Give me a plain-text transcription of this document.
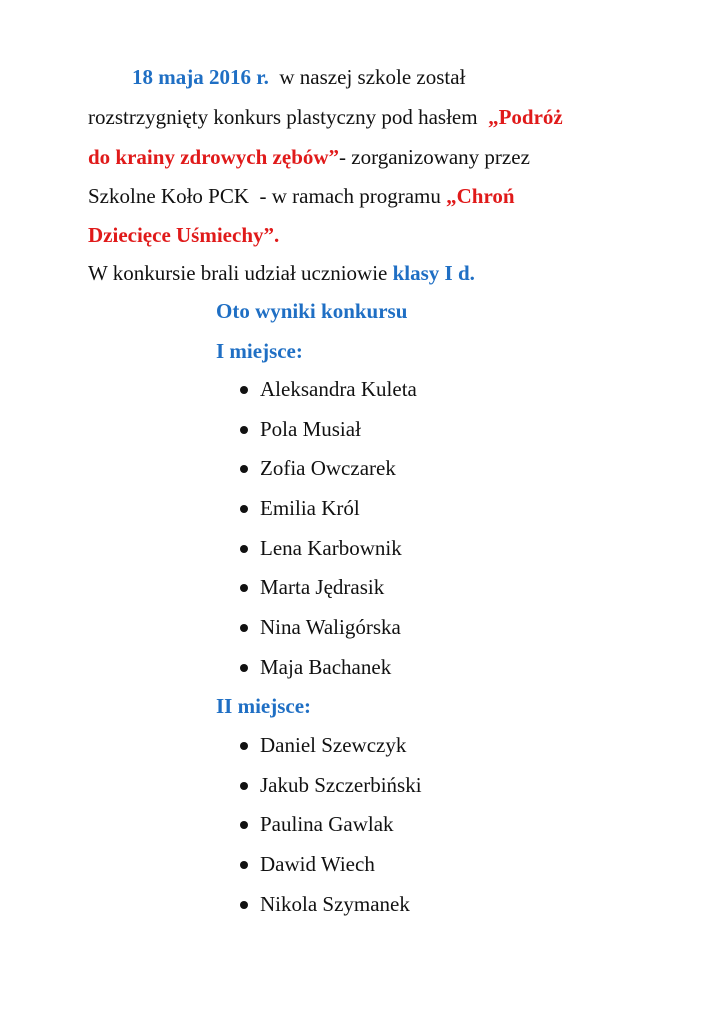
18 maja 2016 r.  w naszej szkole został
rozstrzygnięty konkurs plastyczny pod hasłem  „Podróż
do krainy zdrowych zębów”- zorganizowany przez
Szkolne Koło PCK  - w ramach programu „Chroń
Dziecięce Uśmiechy”.
W konkursie brali udział uczniowie klasy I d.
Oto wyniki konkursu
I miejsce:
Aleksandra Kuleta
Pola Musiał
Zofia Owczarek
Emilia Król
Lena Karbownik
Marta Jędrasik
Nina Waligórska
Maja Bachanek
II miejsce:
Daniel Szewczyk
Jakub Szczerbiński
Paulina Gawlak
Dawid Wiech
Nikola Szymanek
